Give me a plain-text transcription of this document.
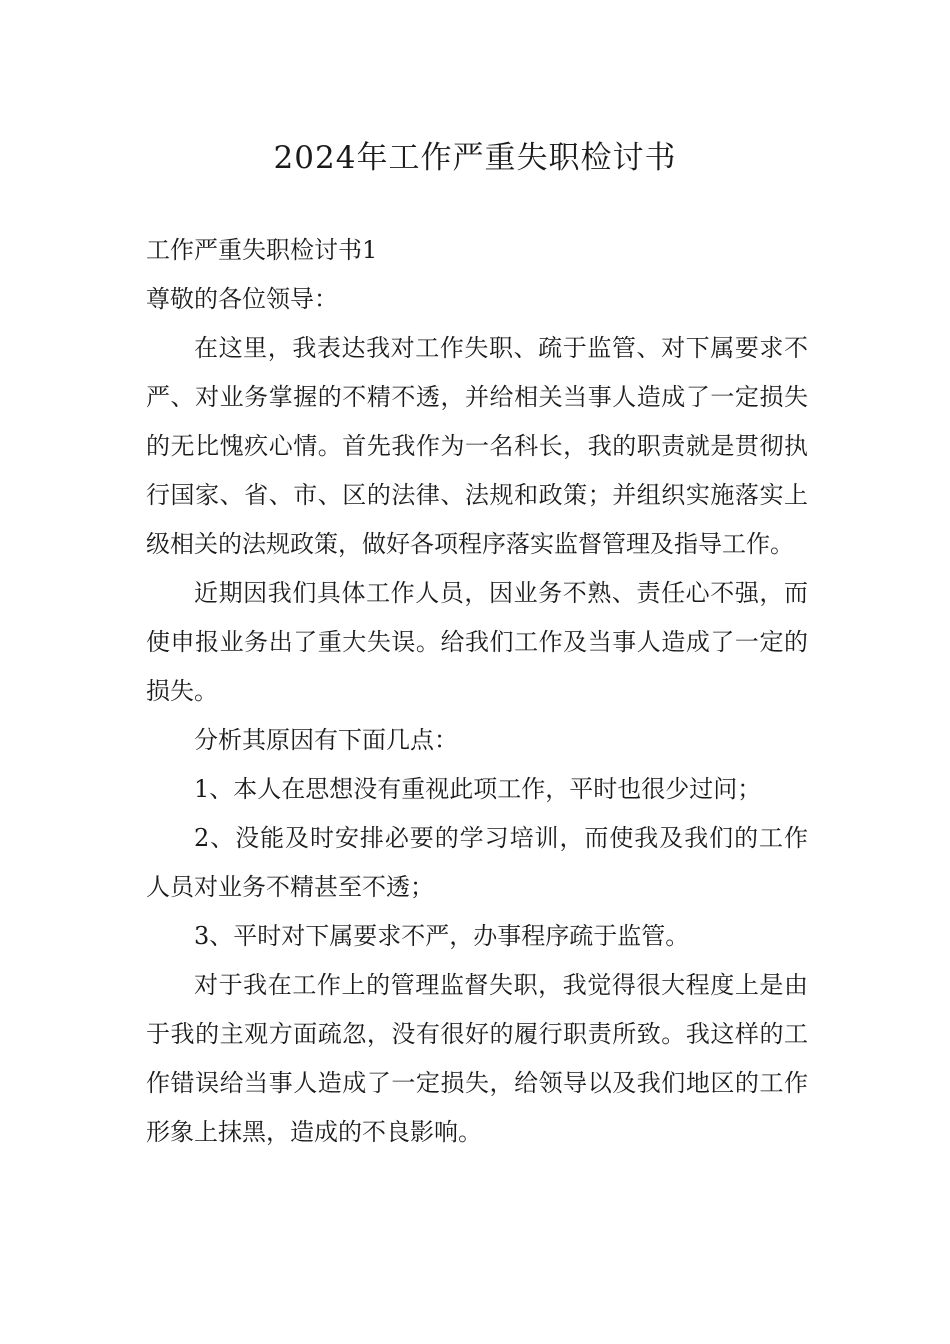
2024年工作严重失职检讨书

工作严重失职检讨书1

尊敬的各位领导：

在这里，我表达我对工作失职、疏于监管、对下属要求不严、对业务掌握的不精不透，并给相关当事人造成了一定损失的无比愧疚心情。首先我作为一名科长，我的职责就是贯彻执行国家、省、市、区的法律、法规和政策；并组织实施落实上级相关的法规政策，做好各项程序落实监督管理及指导工作。

近期因我们具体工作人员，因业务不熟、责任心不强，而使申报业务出了重大失误。给我们工作及当事人造成了一定的损失。

分析其原因有下面几点：

1、本人在思想没有重视此项工作，平时也很少过问；

2、没能及时安排必要的学习培训，而使我及我们的工作人员对业务不精甚至不透；

3、平时对下属要求不严，办事程序疏于监管。

对于我在工作上的管理监督失职，我觉得很大程度上是由于我的主观方面疏忽，没有很好的履行职责所致。我这样的工作错误给当事人造成了一定损失，给领导以及我们地区的工作形象上抹黑，造成的不良影响。
